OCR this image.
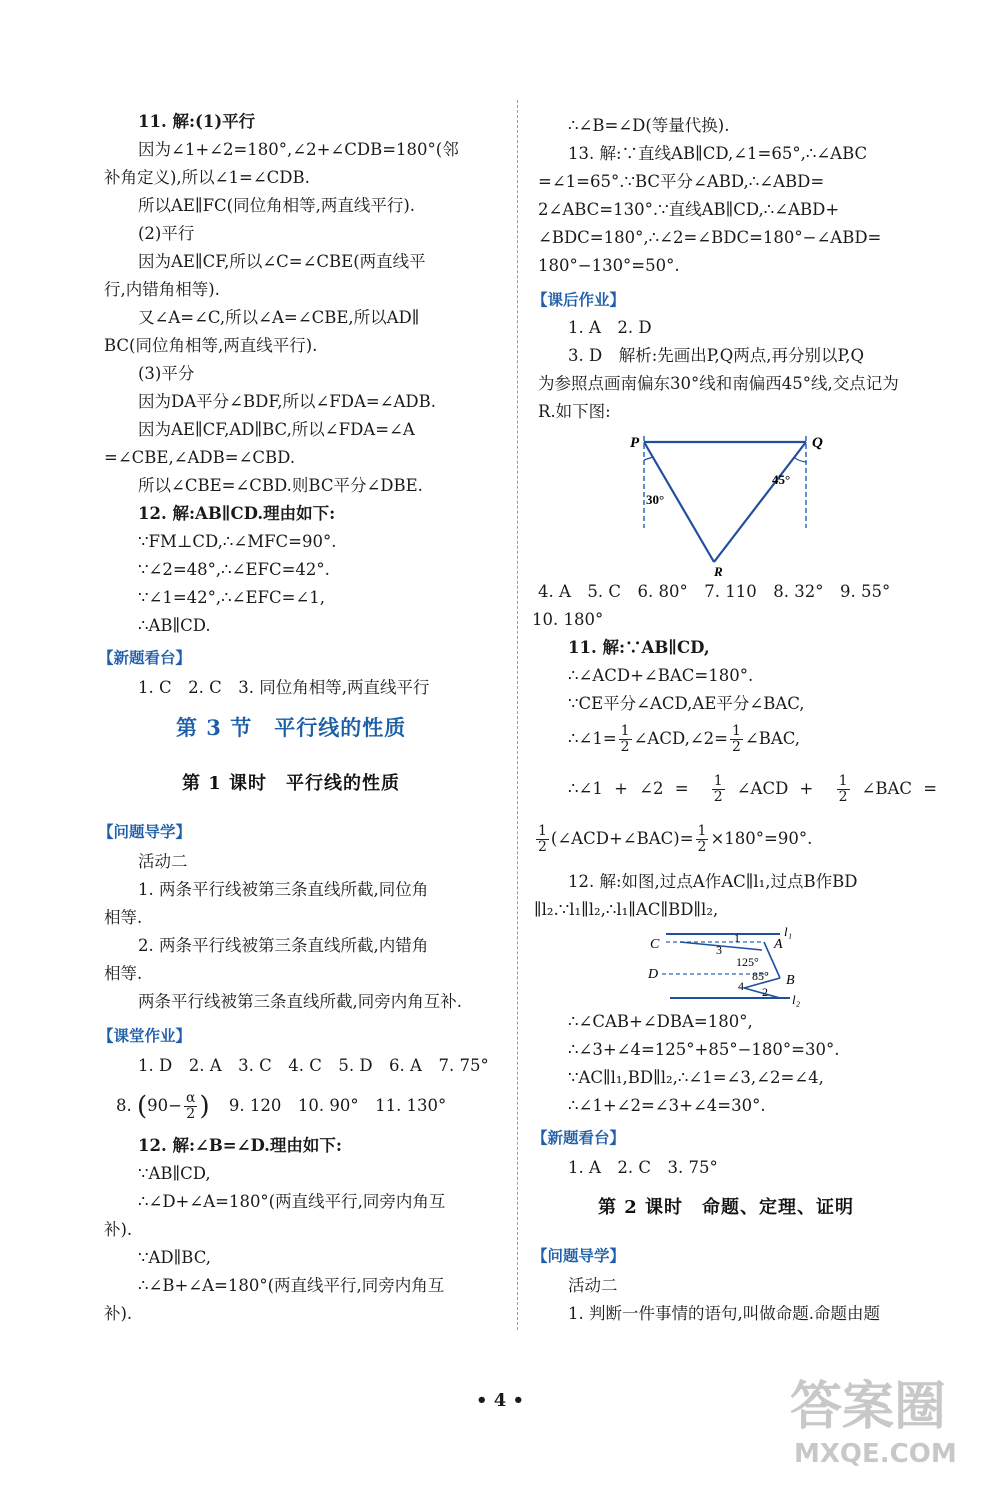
11. 解:(1)平行
因为∠1+∠2=180°,∠2+∠CDB=180°(邻
补角定义),所以∠1=∠CDB.
所以AE∥FC(同位角相等,两直线平行).
(2)平行
因为AE∥CF,所以∠C=∠CBE(两直线平
行,内错角相等).
又∠A=∠C,所以∠A=∠CBE,所以AD∥
BC(同位角相等,两直线平行).
(3)平分
因为DA平分∠BDF,所以∠FDA=∠ADB.
因为AE∥CF,AD∥BC,所以∠FDA=∠A
=∠CBE,∠ADB=∠CBD.
所以∠CBE=∠CBD.则BC平分∠DBE.
12. 解:AB∥CD.理由如下:
∵FM⊥CD,∴∠MFC=90°.
∵∠2=48°,∴∠EFC=42°.
∵∠1=42°,∴∠EFC=∠1,
∴AB∥CD.
【新题看台】
1. C　2. C　3. 同位角相等,两直线平行
第 3 节　平行线的性质
第 1 课时　平行线的性质
【问题导学】
活动二
1. 两条平行线被第三条直线所截,同位角
相等.
2. 两条平行线被第三条直线所截,内错角
相等.
两条平行线被第三条直线所截,同旁内角互补.
【课堂作业】
1. D　2. A　3. C　4. C　5. D　6. A　7. 75°
8. ($90- \frac{\alpha}{2}$ ) 9. 120　10. 90°　11. 130°
12. 解:∠B=∠D.理由如下:
∵AB∥CD,
∴∠D+∠A=180°(两直线平行,同旁内角互
补).
∵AD∥BC,
∴∠B+∠A=180°(两直线平行,同旁内角互
补).
∴∠B=∠D(等量代换).
13. 解:∵直线AB∥CD,∠1=65°,∴∠ABC
=∠1=65°.∵BC平分∠ABD,∴∠ABD=
2∠ABC=130°.∵直线AB∥CD,∴∠ABD+
∠BDC=180°,∴∠2=∠BDC=180°−∠ABD=
180°−130°=50°.
【课后作业】
1. A　2. D
3. D　解析:先画出P,Q两点,再分别以P,Q
为参照点画南偏东30°线和南偏西45°线,交点记为
R.如下图:
P	Q
R
30°
45°
4. A　5. C　6. 80°　7. 110　8. 32°　9. 55°
10. 180°
11. 解:∵AB∥CD,
∴∠ACD+∠BAC=180°.
∵CE平分∠ACD,AE平分∠BAC,
∴∠1= $\frac{1}{2}$ ∠ACD,∠2= $\frac{1}{2}$ ∠BAC,
∴∠1 + ∠2 = $\frac{1}{2}$ ∠ACD + $\frac{1}{2}$ ∠BAC =
$\frac{1}{2}$ (∠ACD+∠BAC)= $\frac{1}{2} \times 180^\circ=90^\circ$.
12. 解:如图,过点A作AC∥l₁,过点B作BD
∥l₂.∵l₁∥l₂,∴l₁∥AC∥BD∥l₂,
C	A
l₁
D	B
l₂
1
3
125°
85°
4 2
∴∠CAB+∠DBA=180°,
∴∠3+∠4=125°+85°−180°=30°.
∵AC∥l₁,BD∥l₂,∴∠1=∠3,∠2=∠4,
∴∠1+∠2=∠3+∠4=30°.
【新题看台】
1. A　2. C　3. 75°
第 2 课时　命题、定理、证明
【问题导学】
活动二
1. 判断一件事情的语句,叫做命题.命题由题
• 4 •	答案圈
MXQE.COM
